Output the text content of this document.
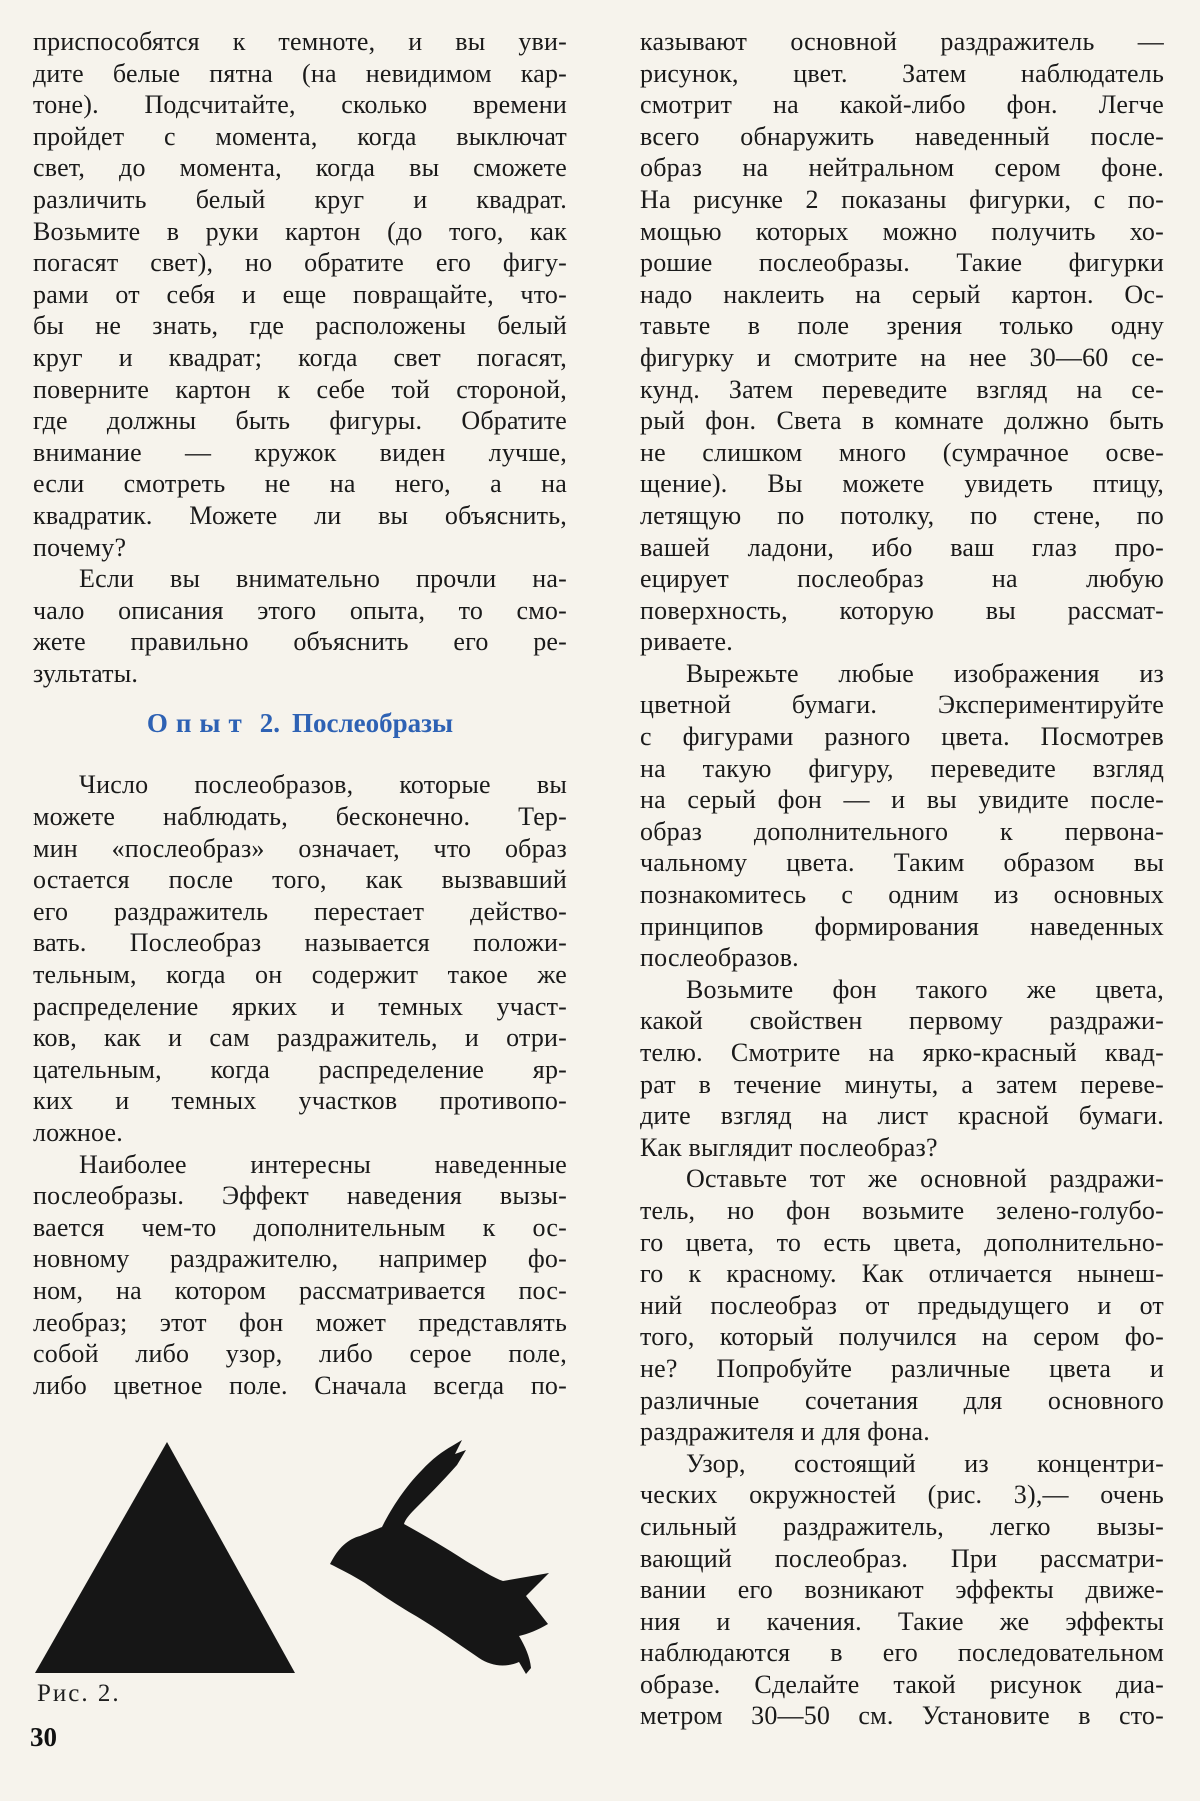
приспособятся к темноте, и вы уви-
дите белые пятна (на невидимом кар-
тоне). Подсчитайте, сколько времени
пройдет с момента, когда выключат
свет, до момента, когда вы сможете
различить белый круг и квадрат.
Возьмите в руки картон (до того, как
погасят свет), но обратите его фигу-
рами от себя и еще повращайте, что-
бы не знать, где расположены белый
круг и квадрат; когда свет погасят,
поверните картон к себе той стороной,
где должны быть фигуры. Обратите
внимание — кружок виден лучше,
если смотреть не на него, а на
квадратик. Можете ли вы объяснить,
почему?
Если вы внимательно прочли на-
чало описания этого опыта, то смо-
жете правильно объяснить его ре-
зультаты.
Опыт 2. Послеобразы
Число послеобразов, которые вы
можете наблюдать, бесконечно. Тер-
мин «послеобраз» означает, что образ
остается после того, как вызвавший
его раздражитель перестает действо-
вать. Послеобраз называется положи-
тельным, когда он содержит такое же
распределение ярких и темных участ-
ков, как и сам раздражитель, и отри-
цательным, когда распределение яр-
ких и темных участков противопо-
ложное.
Наиболее интересны наведенные
послеобразы. Эффект наведения вызы-
вается чем-то дополнительным к ос-
новному раздражителю, например фо-
ном, на котором рассматривается пос-
леобраз; этот фон может представлять
собой либо узор, либо серое поле,
либо цветное поле. Сначала всегда по-
казывают основной раздражитель —
рисунок, цвет. Затем наблюдатель
смотрит на какой-либо фон. Легче
всего обнаружить наведенный после-
образ на нейтральном сером фоне.
На рисунке 2 показаны фигурки, с по-
мощью которых можно получить хо-
рошие послеобразы. Такие фигурки
надо наклеить на серый картон. Ос-
тавьте в поле зрения только одну
фигурку и смотрите на нее 30—60 се-
кунд. Затем переведите взгляд на се-
рый фон. Света в комнате должно быть
не слишком много (сумрачное осве-
щение). Вы можете увидеть птицу,
летящую по потолку, по стене, по
вашей ладони, ибо ваш глаз про-
ецирует послеобраз на любую
поверхность, которую вы рассмат-
риваете.
Вырежьте любые изображения из
цветной бумаги. Экспериментируйте
с фигурами разного цвета. Посмотрев
на такую фигуру, переведите взгляд
на серый фон — и вы увидите после-
образ дополнительного к первона-
чальному цвета. Таким образом вы
познакомитесь с одним из основных
принципов формирования наведенных
послеобразов.
Возьмите фон такого же цвета,
какой свойствен первому раздражи-
телю. Смотрите на ярко-красный квад-
рат в течение минуты, а затем переве-
дите взгляд на лист красной бумаги.
Как выглядит послеобраз?
Оставьте тот же основной раздражи-
тель, но фон возьмите зелено-голубо-
го цвета, то есть цвета, дополнительно-
го к красному. Как отличается нынеш-
ний послеобраз от предыдущего и от
того, который получился на сером фо-
не? Попробуйте различные цвета и
различные сочетания для основного
раздражителя и для фона.
Узор, состоящий из концентри-
ческих окружностей (рис. 3),— очень
сильный раздражитель, легко вызы-
вающий послеобраз. При рассматри-
вании его возникают эффекты движе-
ния и качения. Такие же эффекты
наблюдаются в его последовательном
образе. Сделайте такой рисунок диа-
метром 30—50 см. Установите в сто-
Рис. 2.
30
